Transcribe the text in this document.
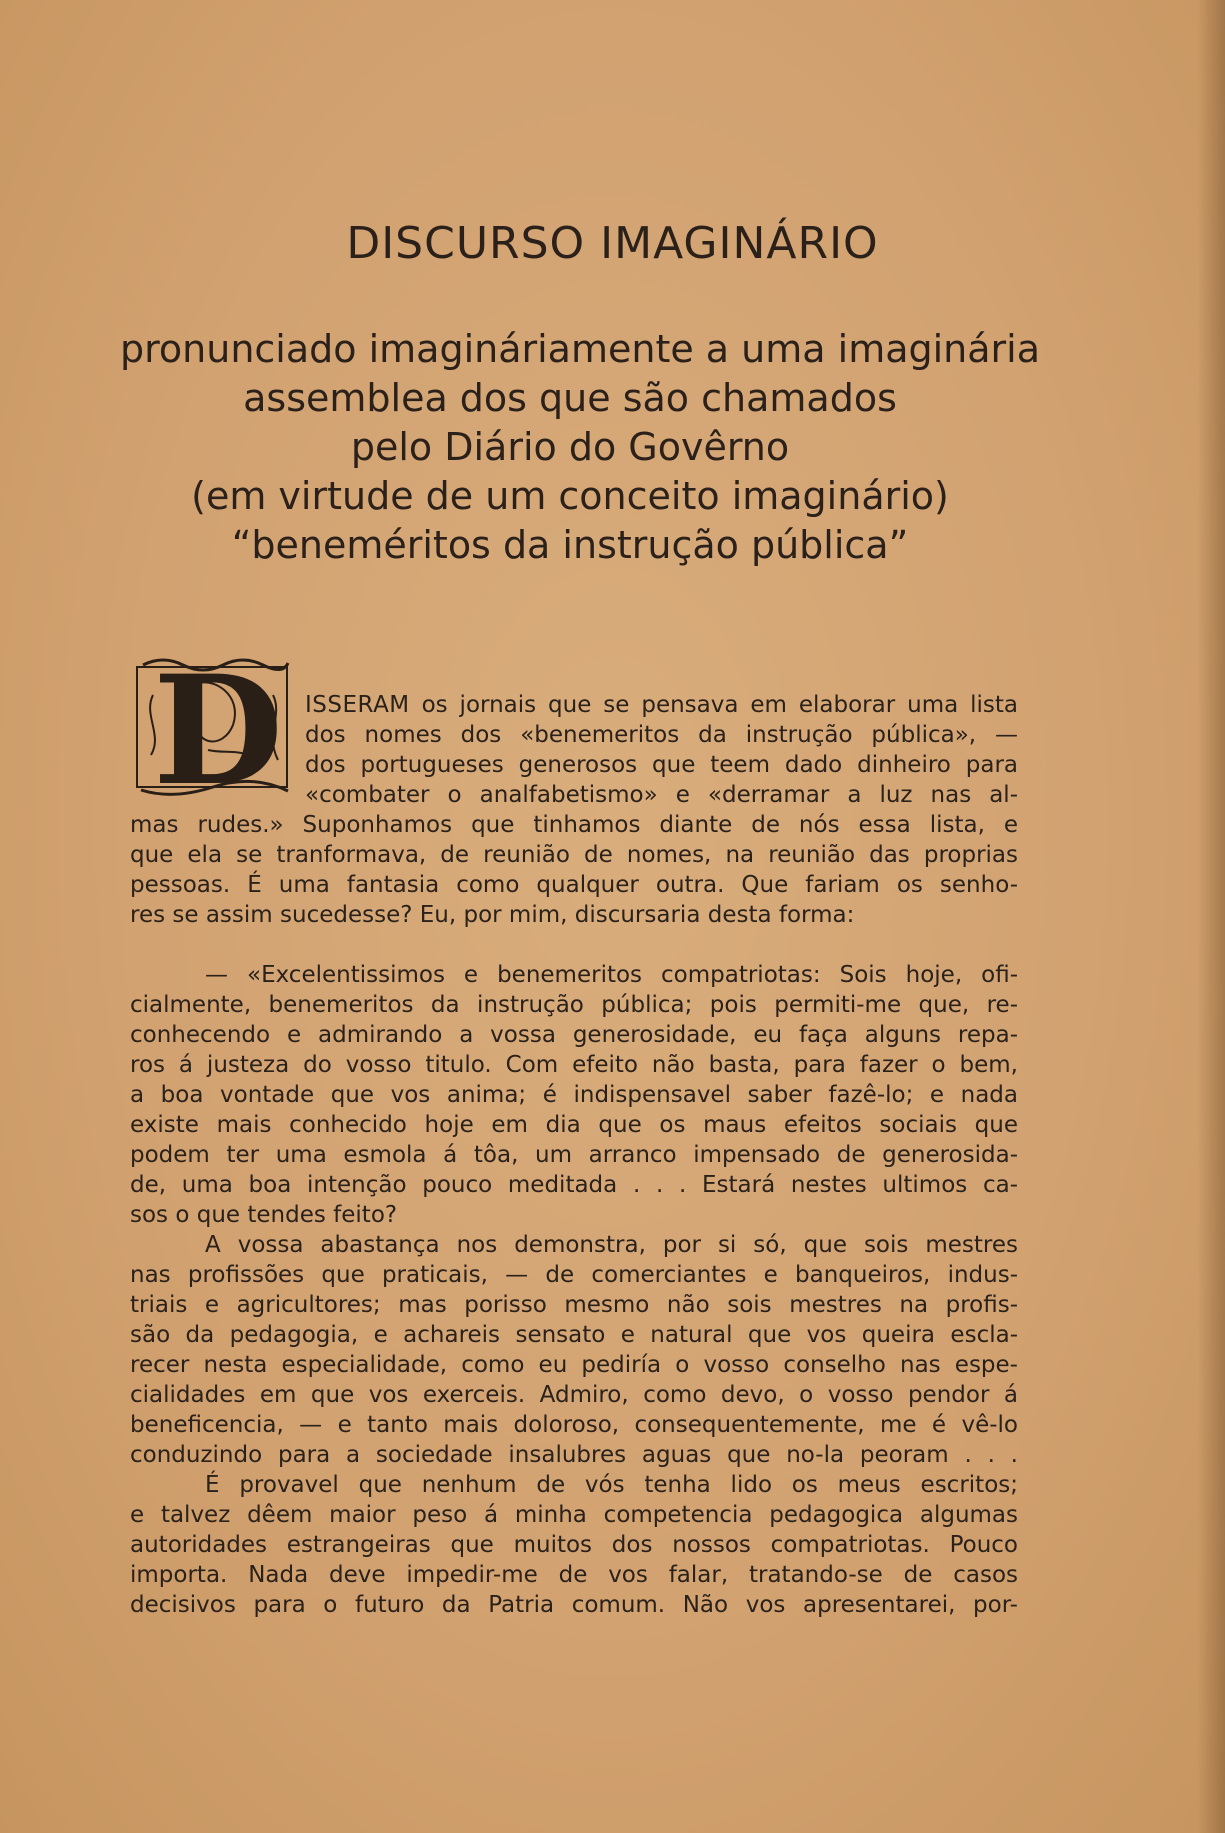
DISCURSO IMAGINÁRIO
pronunciado imagináriamente a uma imaginária
assemblea dos que são chamados
pelo Diário do Govêrno
(em virtude de um conceito imaginário)
“beneméritos da instrução pública”
D ISSERAM os jornais que se pensava em elaborar uma lista
dos nomes dos «benemeritos da instrução pública», —
dos portugueses generosos que teem dado dinheiro para
«combater o analfabetismo» e «derramar a luz nas al-
mas rudes.» Suponhamos que tinhamos diante de nós essa lista, e
que ela se tranformava, de reunião de nomes, na reunião das proprias
pessoas. É uma fantasia como qualquer outra. Que fariam os senho-
res se assim sucedesse? Eu, por mim, discursaria desta forma:
— «Excelentissimos e benemeritos compatriotas: Sois hoje, ofi-
cialmente, benemeritos da instrução pública; pois permiti-me que, re-
conhecendo e admirando a vossa generosidade, eu faça alguns repa-
ros á justeza do vosso titulo. Com efeito não basta, para fazer o bem,
a boa vontade que vos anima; é indispensavel saber fazê-lo; e nada
existe mais conhecido hoje em dia que os maus efeitos sociais que
podem ter uma esmola á tôa, um arranco impensado de generosida-
de, uma boa intenção pouco meditada . . . Estará nestes ultimos ca-
sos o que tendes feito?
A vossa abastança nos demonstra, por si só, que sois mestres
nas profissões que praticais, — de comerciantes e banqueiros, indus-
triais e agricultores; mas porisso mesmo não sois mestres na profis-
são da pedagogia, e achareis sensato e natural que vos queira escla-
recer nesta especialidade, como eu pediría o vosso conselho nas espe-
cialidades em que vos exerceis. Admiro, como devo, o vosso pendor á
beneficencia, — e tanto mais doloroso, consequentemente, me é vê-lo
conduzindo para a sociedade insalubres aguas que no-la peoram . . .
É provavel que nenhum de vós tenha lido os meus escritos;
e talvez dêem maior peso á minha competencia pedagogica algumas
autoridades estrangeiras que muitos dos nossos compatriotas. Pouco
importa. Nada deve impedir-me de vos falar, tratando-se de casos
decisivos para o futuro da Patria comum. Não vos apresentarei, por-
